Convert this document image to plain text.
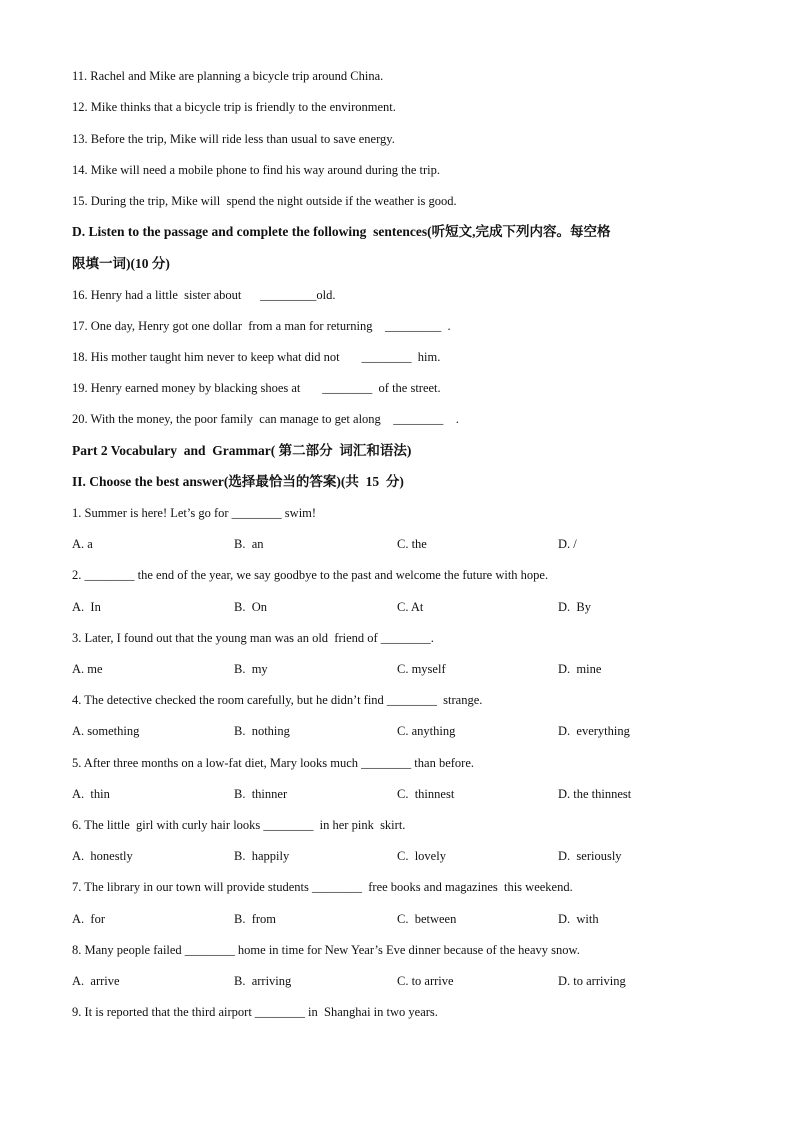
11. Rachel and Mike are planning a bicycle trip around China.
12. Mike thinks that a bicycle trip is friendly to the environment.
13. Before the trip, Mike will ride less than usual to save energy.
14. Mike will need a mobile phone to find his way around during the trip.
15. During the trip, Mike will  spend the night outside if the weather is good.
D. Listen to the passage and complete the following  sentences(听短文,完成下列内容。每空格
限填一词)(10 分)
16. Henry had a little  sister about      _________old.
17. One day, Henry got one dollar  from a man for returning    _________  .
18. His mother taught him never to keep what did not       ________  him.
19. Henry earned money by blacking shoes at       ________  of the street.
20. With the money, the poor family  can manage to get along    ________    .
Part 2 Vocabulary  and  Grammar( 第二部分  词汇和语法)
II. Choose the best answer(选择最恰当的答案)(共  15  分)
1. Summer is here! Let’s go for ________ swim!
A. a	B.  an	C. the	D. /
2. ________ the end of the year, we say goodbye to the past and welcome the future with hope.
A.  In	B.  On	C. At	D.  By
3. Later, I found out that the young man was an old  friend of ________.
A. me	B.  my	C. myself	D.  mine
4. The detective checked the room carefully, but he didn’t find ________  strange.
A. something	B.  nothing	C. anything	D.  everything
5. After three months on a low-fat diet, Mary looks much ________ than before.
A.  thin	B.  thinner	C.  thinnest	D. the thinnest
6. The little  girl with curly hair looks ________  in her pink  skirt.
A.  honestly	B.  happily	C.  lovely	D.  seriously
7. The library in our town will provide students ________  free books and magazines  this weekend.
A.  for	B.  from	C.  between	D.  with
8. Many people failed ________ home in time for New Year’s Eve dinner because of the heavy snow.
A.  arrive	B.  arriving	C. to arrive	D. to arriving
9. It is reported that the third airport ________ in  Shanghai in two years.
